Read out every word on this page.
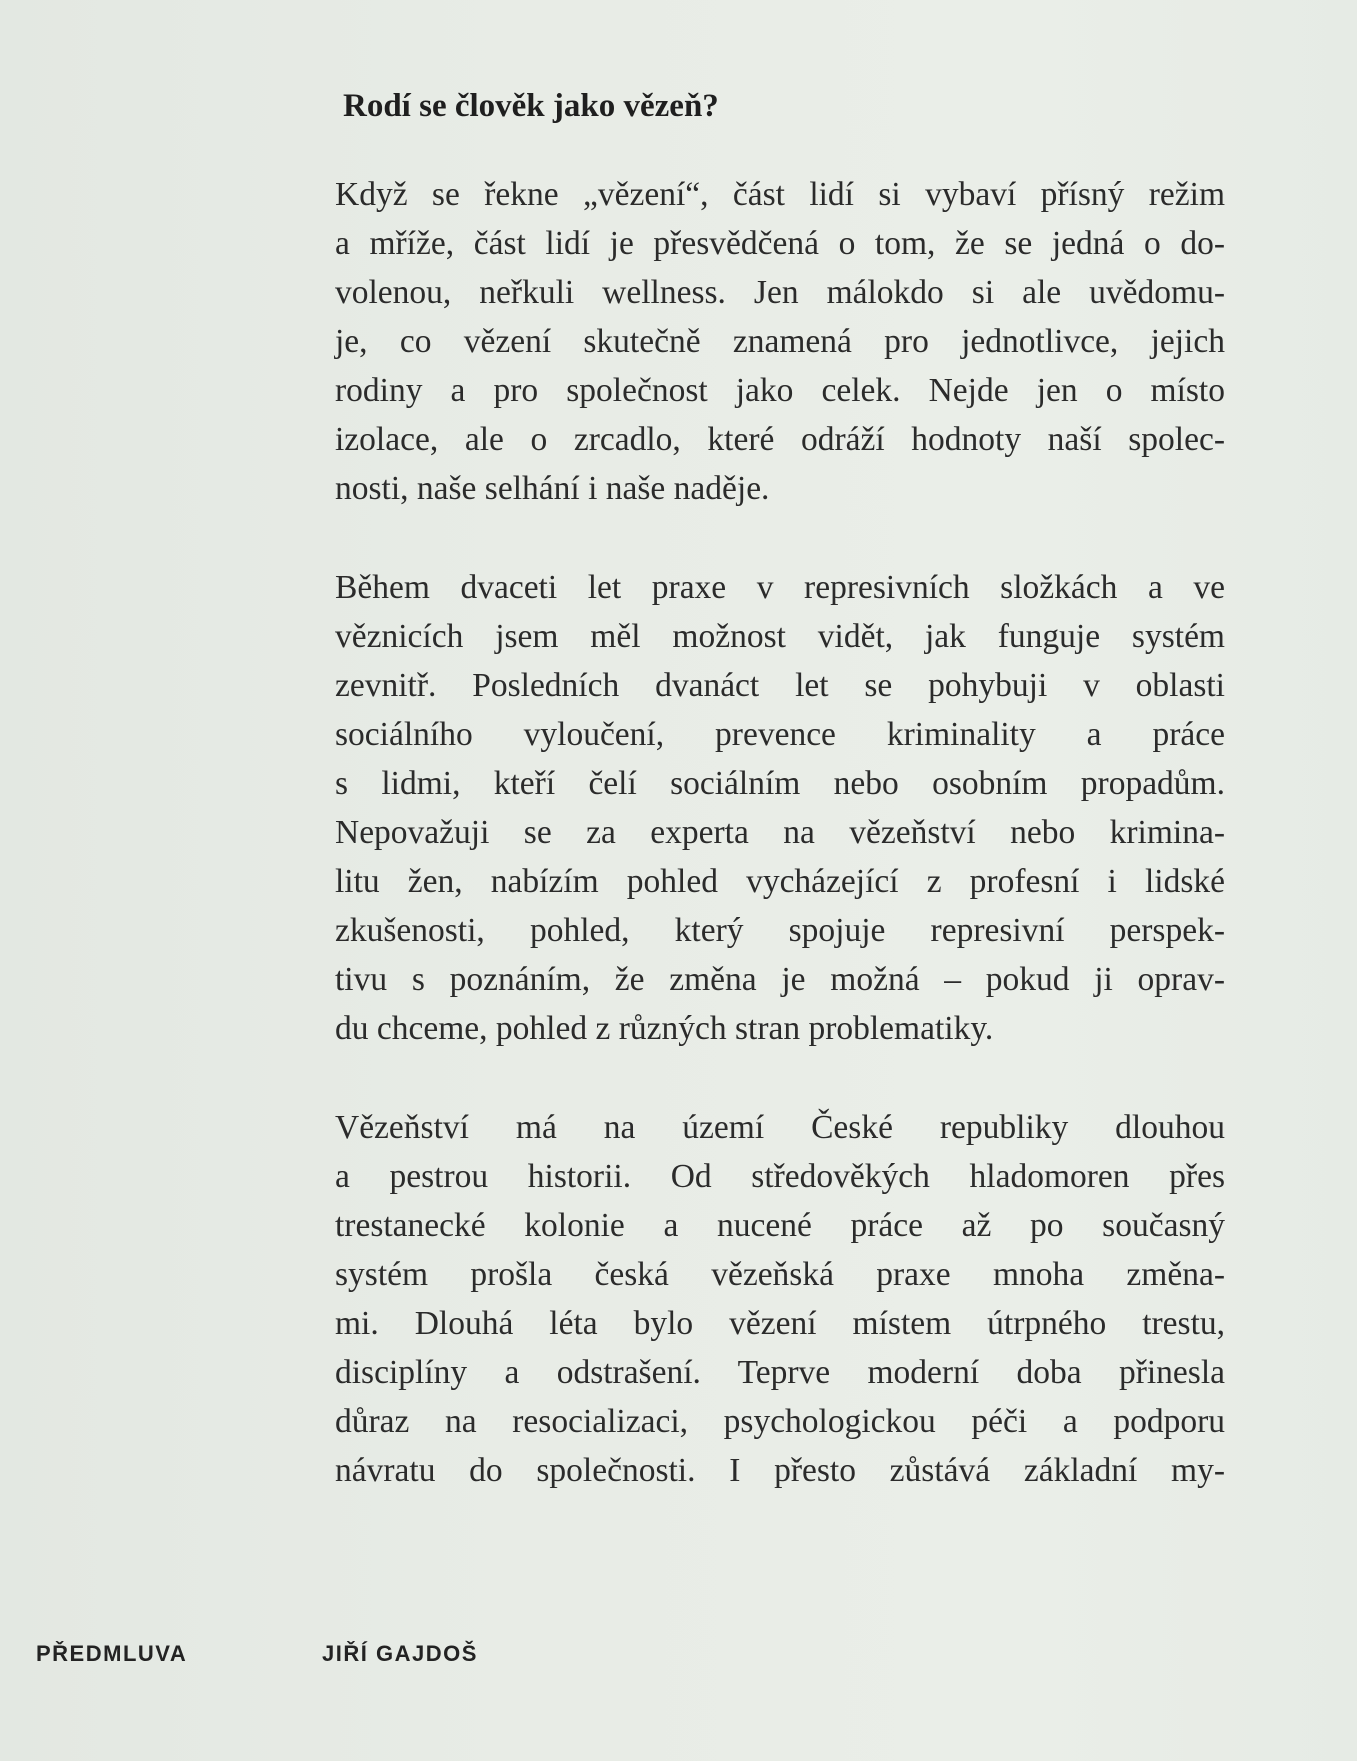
Rodí se člověk jako vězeň?
Když se řekne „vězení“, část lidí si vybaví přísný režim
a mříže, část lidí je přesvědčená o tom, že se jedná o do-
volenou, neřkuli wellness. Jen málokdo si ale uvědomu-
je, co vězení skutečně znamená pro jednotlivce, jejich
rodiny a pro společnost jako celek. Nejde jen o místo
izolace, ale o zrcadlo, které odráží hodnoty naší spolec-
nosti, naše selhání i naše naděje.
Během dvaceti let praxe v represivních složkách a ve
věznicích jsem měl možnost vidět, jak funguje systém
zevnitř. Posledních dvanáct let se pohybuji v oblasti
sociálního vyloučení, prevence kriminality a práce
s lidmi, kteří čelí sociálním nebo osobním propadům.
Nepovažuji se za experta na vězeňství nebo krimina-
litu žen, nabízím pohled vycházející z profesní i lidské
zkušenosti, pohled, který spojuje represivní perspek-
tivu s poznáním, že změna je možná – pokud ji oprav-
du chceme, pohled z různých stran problematiky.
Vězeňství má na území České republiky dlouhou
a pestrou historii. Od středověkých hladomoren přes
trestanecké kolonie a nucené práce až po současný
systém prošla česká vězeňská praxe mnoha změna-
mi. Dlouhá léta bylo vězení místem útrpného trestu,
disciplíny a odstrašení. Teprve moderní doba přinesla
důraz na resocializaci, psychologickou péči a podporu
návratu do společnosti. I přesto zůstává základní my-
PŘEDMLUVA	JIŘÍ GAJDOŠ
